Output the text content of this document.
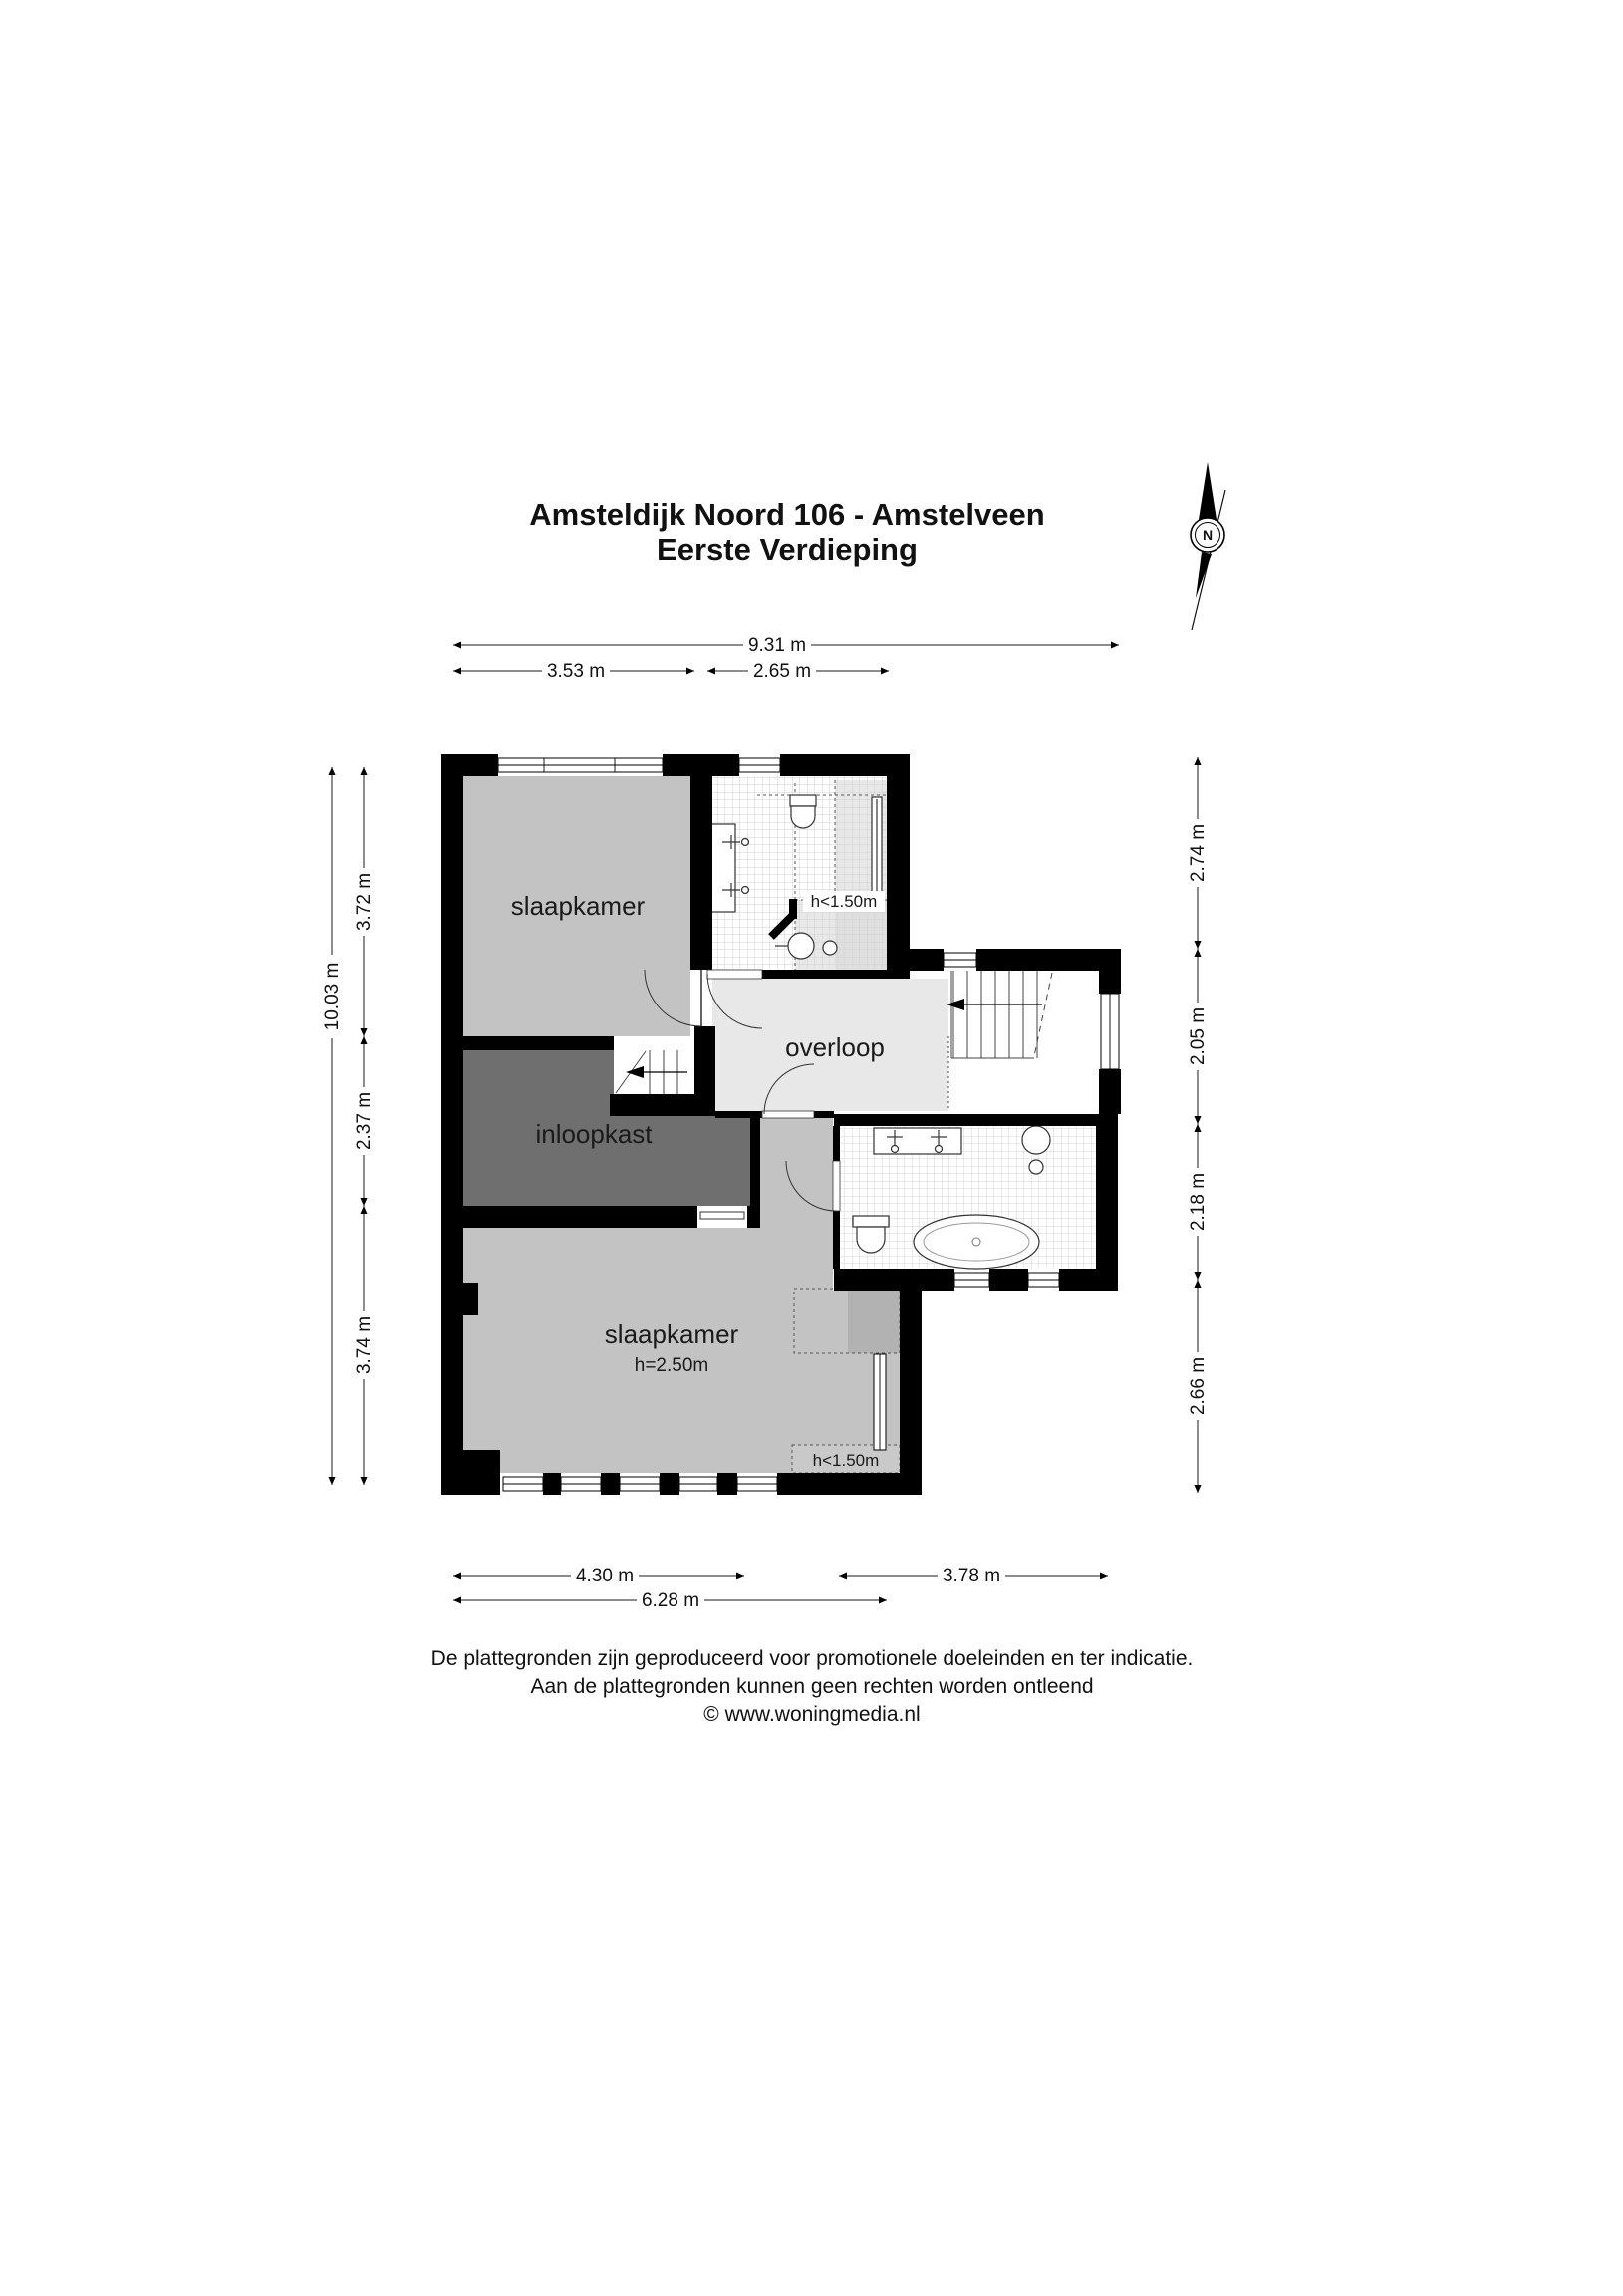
Amsteldijk Noord 106 - Amstelveen
Eerste Verdieping	N
slaapkamer	h<1.50m
overloop
inloopkast
slaapkamer
h=2.50m
h<1.50m
9.31 m
3.53 m	2.65 m
10.03 m
3.72 m
2.37 m
3.74 m
2.74 m
2.05 m
2.18 m
2.66 m
4.30 m	3.78 m
6.28 m
De plattegronden zijn geproduceerd voor promotionele doeleinden en ter indicatie.
Aan de plattegronden kunnen geen rechten worden ontleend
© www.woningmedia.nl
